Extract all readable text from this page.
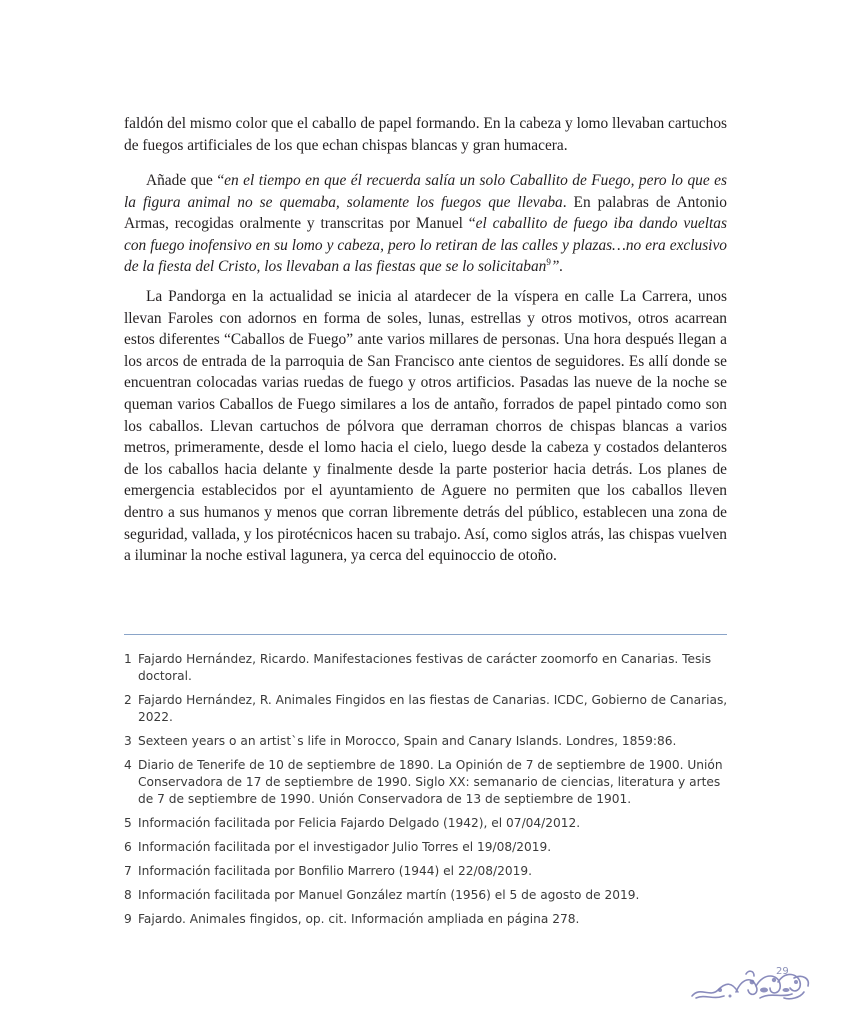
faldón del mismo color que el caballo de papel formando. En la cabeza y lomo llevaban cartuchos de fuegos artificiales de los que echan chispas blancas y gran humacera.

Añade que “en el tiempo en que él recuerda salía un solo Caballito de Fuego, pero lo que es la figura animal no se quemaba, solamente los fuegos que llevaba. En palabras de Antonio Armas, recogidas oralmente y transcritas por Manuel “el caballito de fuego iba dando vueltas con fuego inofensivo en su lomo y cabeza, pero lo retiran de las calles y plazas…no era exclusivo de la fiesta del Cristo, los llevaban a las fiestas que se lo solicitaban$^9$”.

La Pandorga en la actualidad se inicia al atardecer de la víspera en calle La Carrera, unos llevan Faroles con adornos en forma de soles, lunas, estrellas y otros motivos, otros acarrean estos diferentes “Caballos de Fuego” ante varios millares de personas. Una hora después llegan a los arcos de entrada de la parroquia de San Francisco ante cientos de seguidores. Es allí donde se encuentran colocadas varias ruedas de fuego y otros artificios. Pasadas las nueve de la noche se queman varios Caballos de Fuego similares a los de antaño, forrados de papel pintado como son los caballos. Llevan cartuchos de pólvora que derraman chorros de chispas blancas a varios metros, primeramente, desde el lomo hacia el cielo, luego desde la cabeza y costados delanteros de los caballos hacia delante y finalmente desde la parte posterior hacia detrás. Los planes de emergencia establecidos por el ayuntamiento de Aguere no permiten que los caballos lleven dentro a sus humanos y menos que corran libremente detrás del público, establecen una zona de seguridad, vallada, y los pirotécnicos hacen su trabajo. Así, como siglos atrás, las chispas vuelven a iluminar la noche estival lagunera, ya cerca del equinoccio de otoño.

1 Fajardo Hernández, Ricardo. Manifestaciones festivas de carácter zoomorfo en Canarias. Tesis doctoral.
2 Fajardo Hernández, R. Animales Fingidos en las fiestas de Canarias. ICDC, Gobierno de Canarias, 2022.
3 Sexteen years o an artist`s life in Morocco, Spain and Canary Islands. Londres, 1859:86.
4 Diario de Tenerife de 10 de septiembre de 1890. La Opinión de 7 de septiembre de 1900. Unión Conservadora de 17 de septiembre de 1990. Siglo XX: semanario de ciencias, literatura y artes de 7 de septiembre de 1990. Unión Conservadora de 13 de septiembre de 1901.
5 Información facilitada por Felicia Fajardo Delgado (1942), el 07/04/2012.
6 Información facilitada por el investigador Julio Torres el 19/08/2019.
7 Información facilitada por Bonfilio Marrero (1944) el 22/08/2019.
8 Información facilitada por Manuel González martín (1956) el 5 de agosto de 2019.
9 Fajardo. Animales fingidos, op. cit. Información ampliada en página 278.
29
